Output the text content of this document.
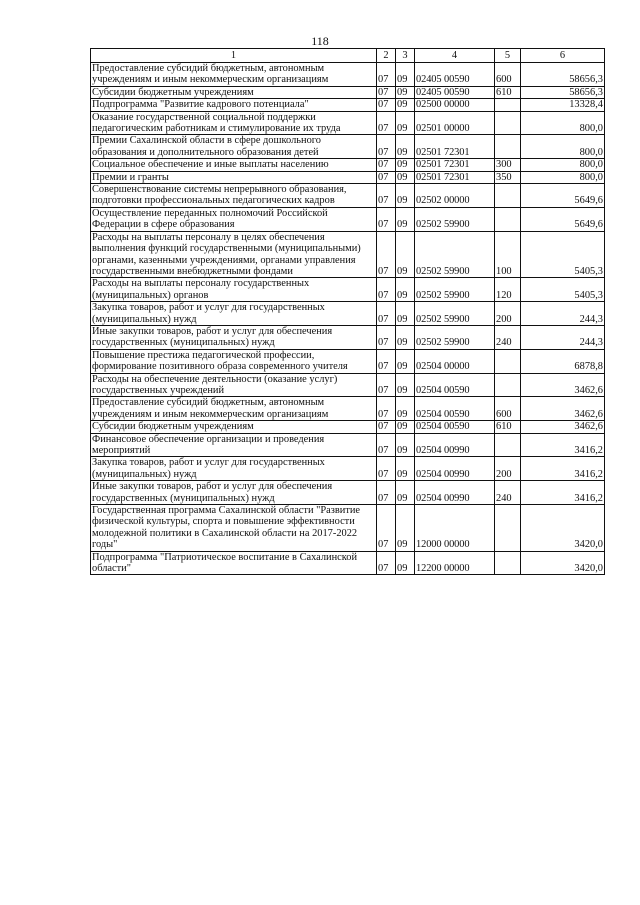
118
1	2	3	4	5	6
Предоставление субсидий бюджетным, автономным учреждениям и иным некоммерческим организациям	07	09	02405 00590	600	58656,3
Субсидии бюджетным учреждениям	07	09	02405 00590	610	58656,3
Подпрограмма "Развитие кадрового потенциала"	07	09	02500 00000		13328,4
Оказание государственной социальной поддержки педагогическим работникам и стимулирование их труда	07	09	02501 00000		800,0
Премии Сахалинской области в сфере дошкольного образования и дополнительного образования детей	07	09	02501 72301		800,0
Социальное обеспечение и иные выплаты населению	07	09	02501 72301	300	800,0
Премии и гранты	07	09	02501 72301	350	800,0
Совершенствование системы непрерывного образования, подготовки профессиональных педагогических кадров	07	09	02502 00000		5649,6
Осуществление переданных полномочий Российской Федерации в сфере образования	07	09	02502 59900		5649,6
Расходы на выплаты персоналу в целях обеспечения выполнения функций государственными (муниципальными) органами, казенными учреждениями, органами управления государственными внебюджетными фондами	07	09	02502 59900	100	5405,3
Расходы на выплаты персоналу государственных (муниципальных) органов	07	09	02502 59900	120	5405,3
Закупка товаров, работ и услуг для государственных (муниципальных) нужд	07	09	02502 59900	200	244,3
Иные закупки товаров, работ и услуг для обеспечения государственных (муниципальных) нужд	07	09	02502 59900	240	244,3
Повышение престижа педагогической профессии, формирование позитивного образа современного учителя	07	09	02504 00000		6878,8
Расходы на обеспечение деятельности (оказание услуг) государственных учреждений	07	09	02504 00590		3462,6
Предоставление субсидий бюджетным, автономным учреждениям и иным некоммерческим организациям	07	09	02504 00590	600	3462,6
Субсидии бюджетным учреждениям	07	09	02504 00590	610	3462,6
Финансовое обеспечение организации и проведения мероприятий	07	09	02504 00990		3416,2
Закупка товаров, работ и услуг для государственных (муниципальных) нужд	07	09	02504 00990	200	3416,2
Иные закупки товаров, работ и услуг для обеспечения государственных (муниципальных) нужд	07	09	02504 00990	240	3416,2
Государственная программа Сахалинской области "Развитие физической культуры, спорта и повышение эффективности молодежной политики в Сахалинской области на 2017-2022 годы"	07	09	12000 00000		3420,0
Подпрограмма "Патриотическое воспитание в Сахалинской области"	07	09	12200 00000		3420,0
